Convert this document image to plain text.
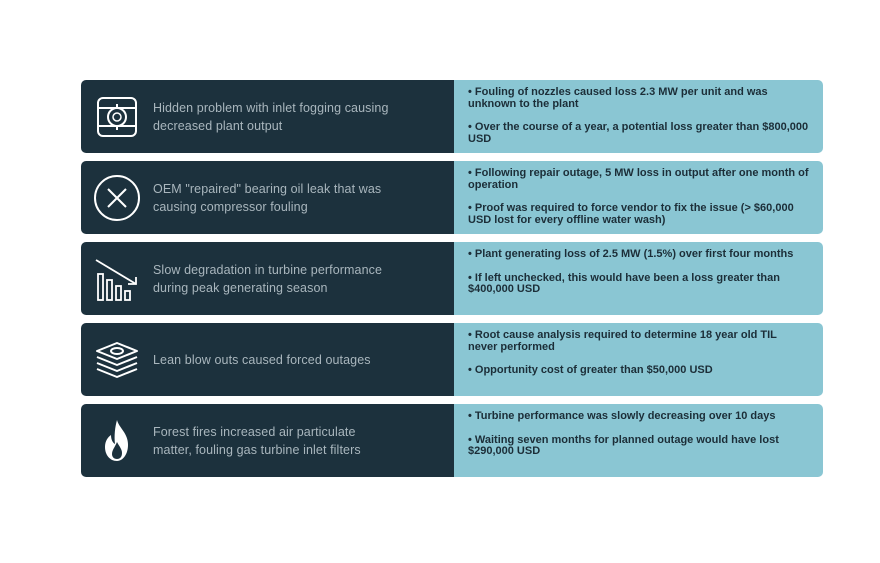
Hidden problem with inlet fogging causing decreased plant output

• Fouling of nozzles caused loss 2.3 MW per unit and was unknown to the plant

• Over the course of a year, a potential loss greater than $800,000 USD

OEM "repaired" bearing oil leak that was causing compressor fouling

• Following repair outage, 5 MW loss in output after one month of operation

• Proof was required to force vendor to fix the issue (> $60,000 USD lost for every offline water wash)

Slow degradation in turbine performance during peak generating season

• Plant generating loss of 2.5 MW (1.5%) over first four months

• If left unchecked, this would have been a loss greater than $400,000 USD

Lean blow outs caused forced outages

• Root cause analysis required to determine 18 year old TIL never performed

• Opportunity cost of greater than $50,000 USD

Forest fires increased air particulate matter, fouling gas turbine inlet filters

• Turbine performance was slowly decreasing over 10 days

• Waiting seven months for planned outage would have lost $290,000 USD
